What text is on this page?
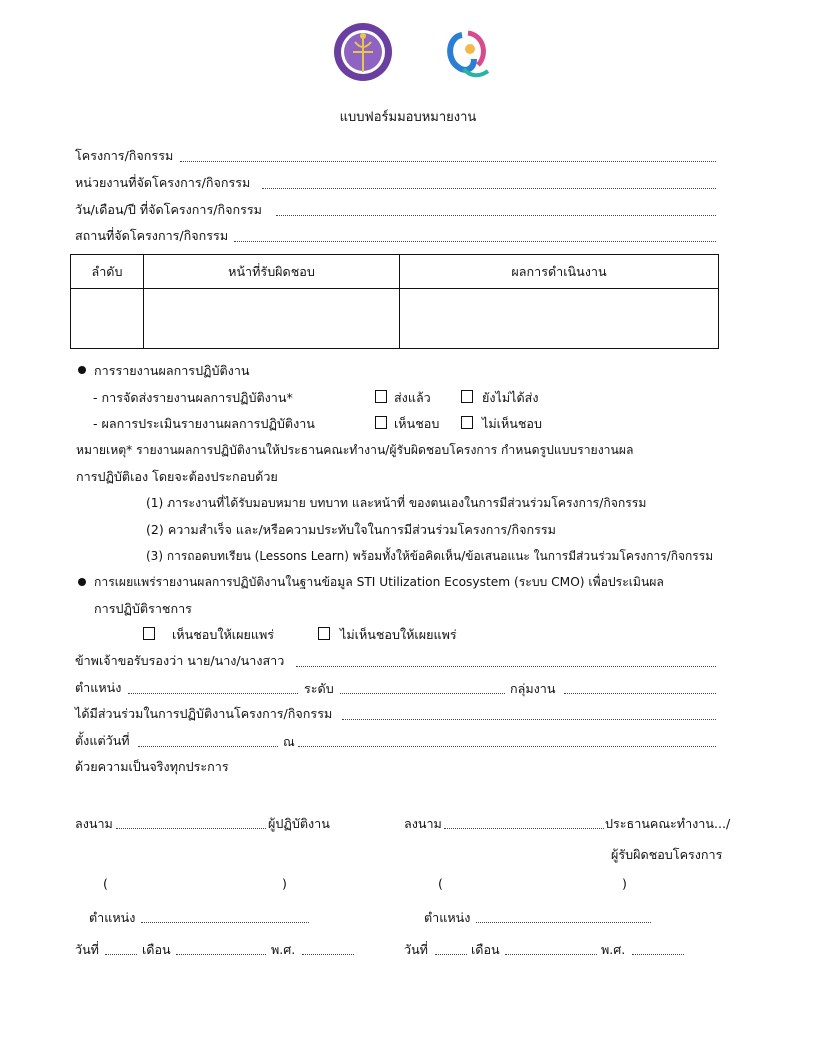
แบบฟอร์มมอบหมายงาน
โครงการ/กิจกรรม
หน่วยงานที่จัดโครงการ/กิจกรรม
วัน/เดือน/ปี ที่จัดโครงการ/กิจกรรม
สถานที่จัดโครงการ/กิจกรรม
ลำดับ	หน้าที่รับผิดชอบ	ผลการดำเนินงาน

การรายงานผลการปฏิบัติงาน
- การจัดส่งรายงานผลการปฏิบัติงาน*	ส่งแล้ว	ยังไม่ได้ส่ง
- ผลการประเมินรายงานผลการปฏิบัติงาน	เห็นชอบ	ไม่เห็นชอบ
หมายเหตุ* รายงานผลการปฏิบัติงานให้ประธานคณะทำงาน/ผู้รับผิดชอบโครงการ กำหนดรูปแบบรายงานผล
การปฏิบัติเอง โดยจะต้องประกอบด้วย
(1) ภาระงานที่ได้รับมอบหมาย บทบาท และหน้าที่ ของตนเองในการมีส่วนร่วมโครงการ/กิจกรรม
(2) ความสำเร็จ และ/หรือความประทับใจในการมีส่วนร่วมโครงการ/กิจกรรม
(3) การถอดบทเรียน (Lessons Learn) พร้อมทั้งให้ข้อคิดเห็น/ข้อเสนอแนะ ในการมีส่วนร่วมโครงการ/กิจกรรม
การเผยแพร่รายงานผลการปฏิบัติงานในฐานข้อมูล STI Utilization Ecosystem (ระบบ CMO) เพื่อประเมินผล
การปฏิบัติราชการ
เห็นชอบให้เผยแพร่	ไม่เห็นชอบให้เผยแพร่
ข้าพเจ้าขอรับรองว่า นาย/นาง/นางสาว
ตำแหน่ง	ระดับ	กลุ่มงาน
ได้มีส่วนร่วมในการปฏิบัติงานโครงการ/กิจกรรม
ตั้งแต่วันที่	ณ
ด้วยความเป็นจริงทุกประการ
ลงนาม	ผู้ปฏิบัติงาน	ลงนาม	ประธานคณะทำงาน.../
ผู้รับผิดชอบโครงการ
(	)	(	)
ตำแหน่ง	ตำแหน่ง
วันที่	เดือน	พ.ศ.	วันที่	เดือน	พ.ศ.
